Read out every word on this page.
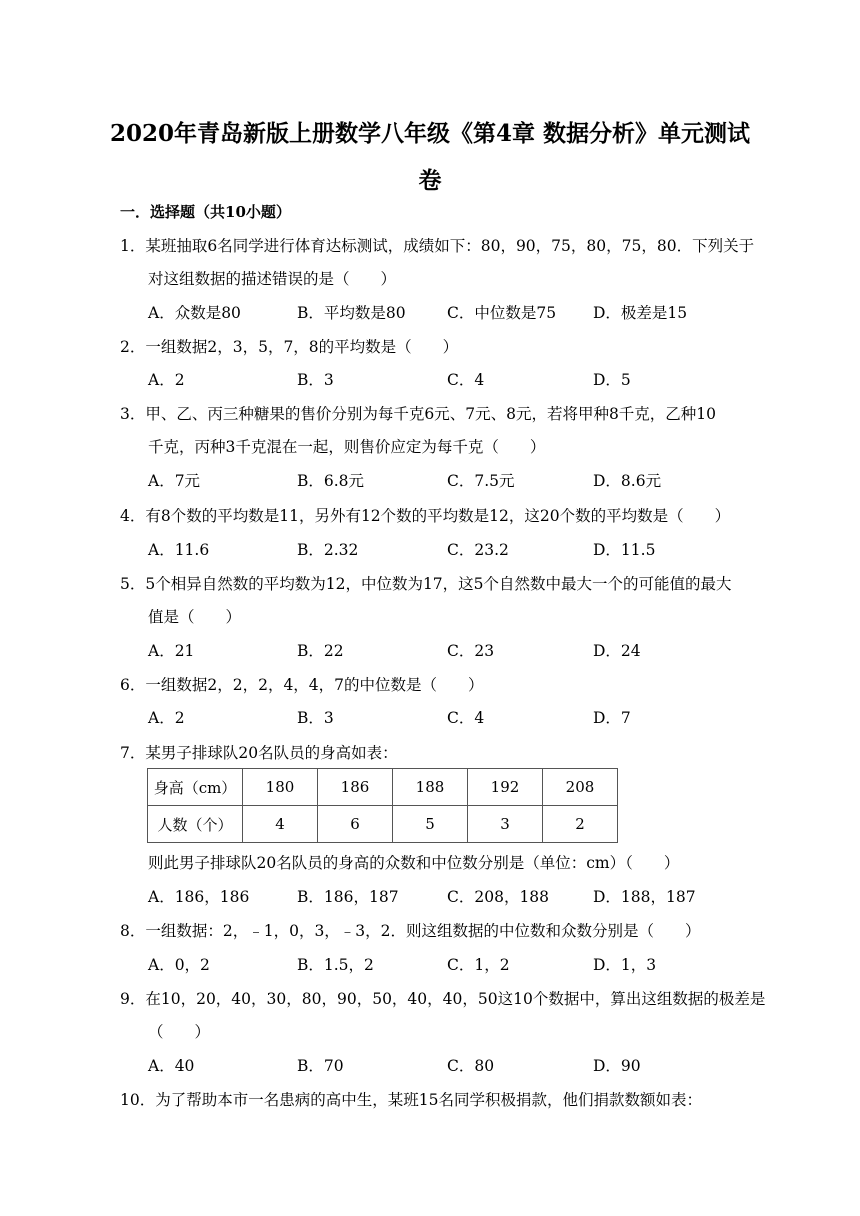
2020年青岛新版上册数学八年级《第4章 数据分析》单元测试卷
一．选择题（共10小题）
1．某班抽取6名同学进行体育达标测试，成绩如下：80，90，75，80，75，80．下列关于
对这组数据的描述错误的是（　　）
A．众数是80	B．平均数是80	C．中位数是75 D．极差是15
2．一组数据2，3，5，7，8的平均数是（　　）
A．2	B．3	C．4	D．5
3．甲、乙、丙三种糖果的售价分别为每千克6元、7元、8元，若将甲种8千克，乙种10
千克，丙种3千克混在一起，则售价应定为每千克（　　）
A．7元	B．6.8元	C．7.5元	D．8.6元
4．有8个数的平均数是11，另外有12个数的平均数是12，这20个数的平均数是（　　）
A．11.6	B．2.32	C．23.2	D．11.5
5．5个相异自然数的平均数为12，中位数为17，这5个自然数中最大一个的可能值的最大
值是（　　）
A．21	B．22	C．23	D．24
6．一组数据2，2，2，4，4，7的中位数是（　　）
A．2	B．3	C．4	D．7
7．某男子排球队20名队员的身高如表：
身高（cm）	180	186	188	192	208
人数（个）	4	6	5	3	2
则此男子排球队20名队员的身高的众数和中位数分别是（单位：cm）（　　）
A．186，186	B．186，187	C．208，188	D．188，187
8．一组数据：2，﹣1，0，3，﹣3，2．则这组数据的中位数和众数分别是（　　）
A．0，2	B．1.5，2	C．1，2	D．1，3
9．在10，20，40，30，80，90，50，40，40，50这10个数据中，算出这组数据的极差是
（　　）
A．40	B．70	C．80	D．90
10．为了帮助本市一名患病的高中生，某班15名同学积极捐款，他们捐款数额如表：
